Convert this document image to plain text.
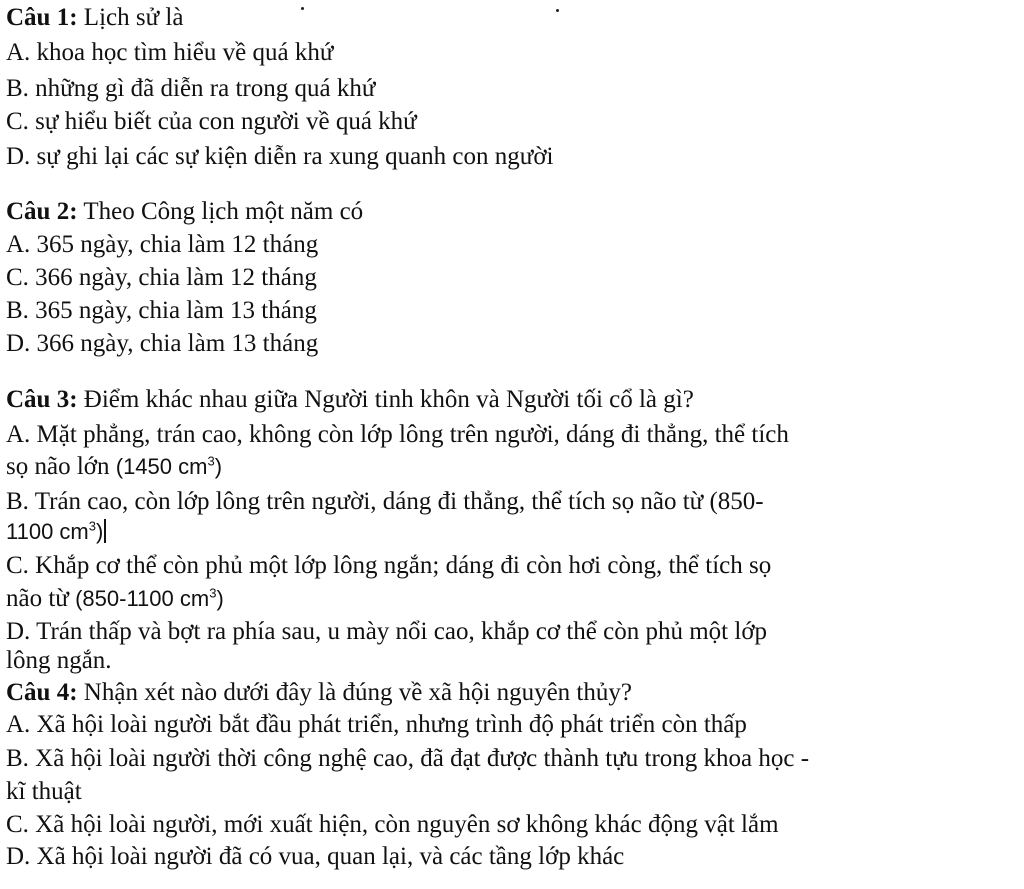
Câu 1: Lịch sử là
A. khoa học tìm hiểu về quá khứ
B. những gì đã diễn ra trong quá khứ
C. sự hiểu biết của con người về quá khứ
D. sự ghi lại các sự kiện diễn ra xung quanh con người
Câu 2: Theo Công lịch một năm có
A. 365 ngày, chia làm 12 tháng
C. 366 ngày, chia làm 12 tháng
B. 365 ngày, chia làm 13 tháng
D. 366 ngày, chia làm 13 tháng
Câu 3: Điểm khác nhau giữa Người tinh khôn và Người tối cổ là gì?
A. Mặt phẳng, trán cao, không còn lớp lông trên người, dáng đi thẳng, thể tích
sọ não lớn (1450 $cm^3$)
B. Trán cao, còn lớp lông trên người, dáng đi thẳng, thể tích sọ não từ (850-
1100 $cm^3$)
C. Khắp cơ thể còn phủ một lớp lông ngắn; dáng đi còn hơi còng, thể tích sọ
não từ (850-1100 $cm^3$)
D. Trán thấp và bợt ra phía sau, u mày nổi cao, khắp cơ thể còn phủ một lớp
lông ngắn.
Câu 4: Nhận xét nào dưới đây là đúng về xã hội nguyên thủy?
A. Xã hội loài người bắt đầu phát triển, nhưng trình độ phát triển còn thấp
B. Xã hội loài người thời công nghệ cao, đã đạt được thành tựu trong khoa học -
kĩ thuật
C. Xã hội loài người, mới xuất hiện, còn nguyên sơ không khác động vật lắm
D. Xã hội loài người đã có vua, quan lại, và các tầng lớp khác
